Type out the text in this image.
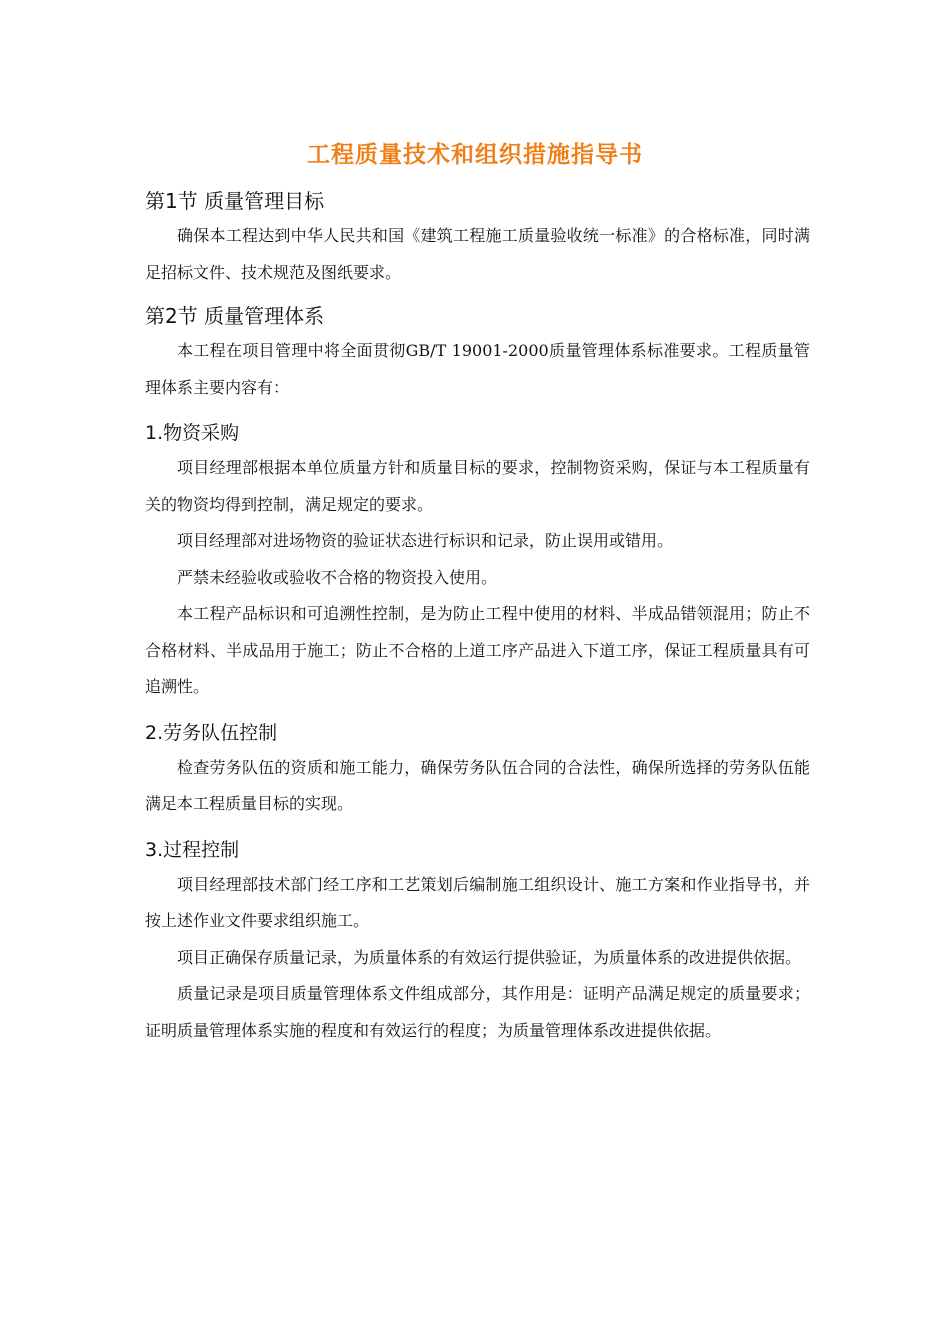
工程质量技术和组织措施指导书
第1节 质量管理目标

确保本工程达到中华人民共和国《建筑工程施工质量验收统一标准》的合格标准，同时满足招标文件、技术规范及图纸要求。

第2节 质量管理体系

本工程在项目管理中将全面贯彻GB/T 19001-2000质量管理体系标准要求。工程质量管理体系主要内容有：

1.物资采购

项目经理部根据本单位质量方针和质量目标的要求，控制物资采购，保证与本工程质量有关的物资均得到控制，满足规定的要求。

项目经理部对进场物资的验证状态进行标识和记录，防止误用或错用。

严禁未经验收或验收不合格的物资投入使用。

本工程产品标识和可追溯性控制，是为防止工程中使用的材料、半成品错领混用；防止不合格材料、半成品用于施工；防止不合格的上道工序产品进入下道工序，保证工程质量具有可追溯性。

2.劳务队伍控制

检查劳务队伍的资质和施工能力，确保劳务队伍合同的合法性，确保所选择的劳务队伍能满足本工程质量目标的实现。

3.过程控制

项目经理部技术部门经工序和工艺策划后编制施工组织设计、施工方案和作业指导书，并按上述作业文件要求组织施工。

项目正确保存质量记录，为质量体系的有效运行提供验证，为质量体系的改进提供依据。

质量记录是项目质量管理体系文件组成部分，其作用是：证明产品满足规定的质量要求；证明质量管理体系实施的程度和有效运行的程度；为质量管理体系改进提供依据。
